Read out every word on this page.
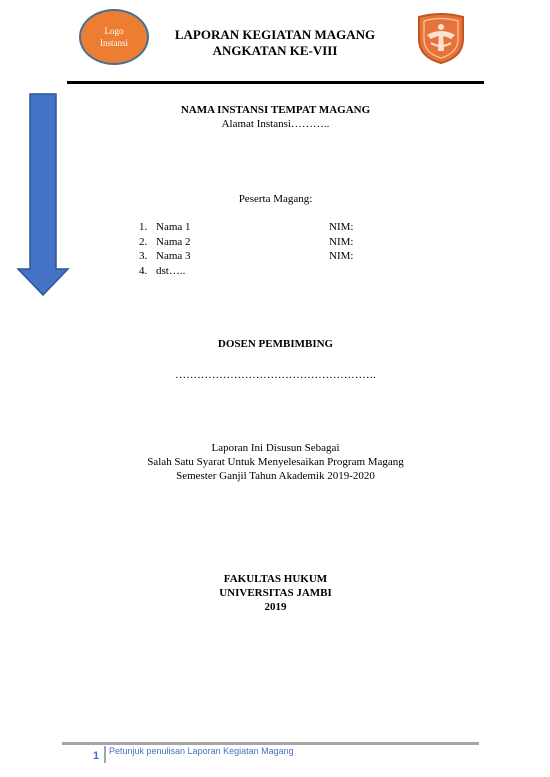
Logo Instansi
LAPORAN KEGIATAN MAGANG
ANGKATAN KE-VIII
NAMA INSTANSI TEMPAT MAGANG
Alamat Instansi………..
Peserta Magang:
1. Nama 1	NIM:
2. Nama 2	NIM:
3. Nama 3	NIM:
4. dst…..
DOSEN PEMBIMBING
……………………………………………….
Laporan Ini Disusun Sebagai
Salah Satu Syarat Untuk Menyelesaikan Program Magang
Semester Ganjil Tahun Akademik 2019-2020
FAKULTAS HUKUM
UNIVERSITAS JAMBI
2019
1 Petunjuk penulisan Laporan Kegiatan Magang
